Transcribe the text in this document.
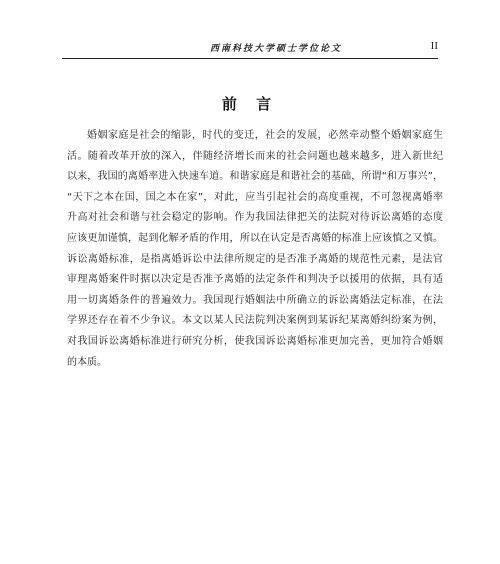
西南科技大学硕士学位论文	II
前 言
婚姻家庭是社会的缩影，时代的变迁，社会的发展，必然牵动整个婚姻家庭生
活。随着改革开放的深入，伴随经济增长而来的社会问题也越来越多，进入新世纪
以来，我国的离婚率进入快速车道。和谐家庭是和谐社会的基础，所谓“和万事兴”，
“天下之本在国，国之本在家”，对此，应当引起社会的高度重视，不可忽视离婚率
升高对社会和谐与社会稳定的影响。作为我国法律把关的法院对待诉讼离婚的态度
应该更加谨慎，起到化解矛盾的作用，所以在认定是否离婚的标准上应该慎之又慎。
诉讼离婚标准，是指离婚诉讼中法律所规定的是否准予离婚的规范性元素，是法官
审理离婚案件时据以决定是否准予离婚的法定条件和判决予以援用的依据，具有适
用一切离婚条件的普遍效力。我国现行婚姻法中所确立的诉讼离婚法定标准，在法
学界还存在着不少争议。本文以某人民法院判决案例到某诉纪某离婚纠纷案为例，
对我国诉讼离婚标准进行研究分析，使我国诉讼离婚标准更加完善，更加符合婚姻
的本质。
